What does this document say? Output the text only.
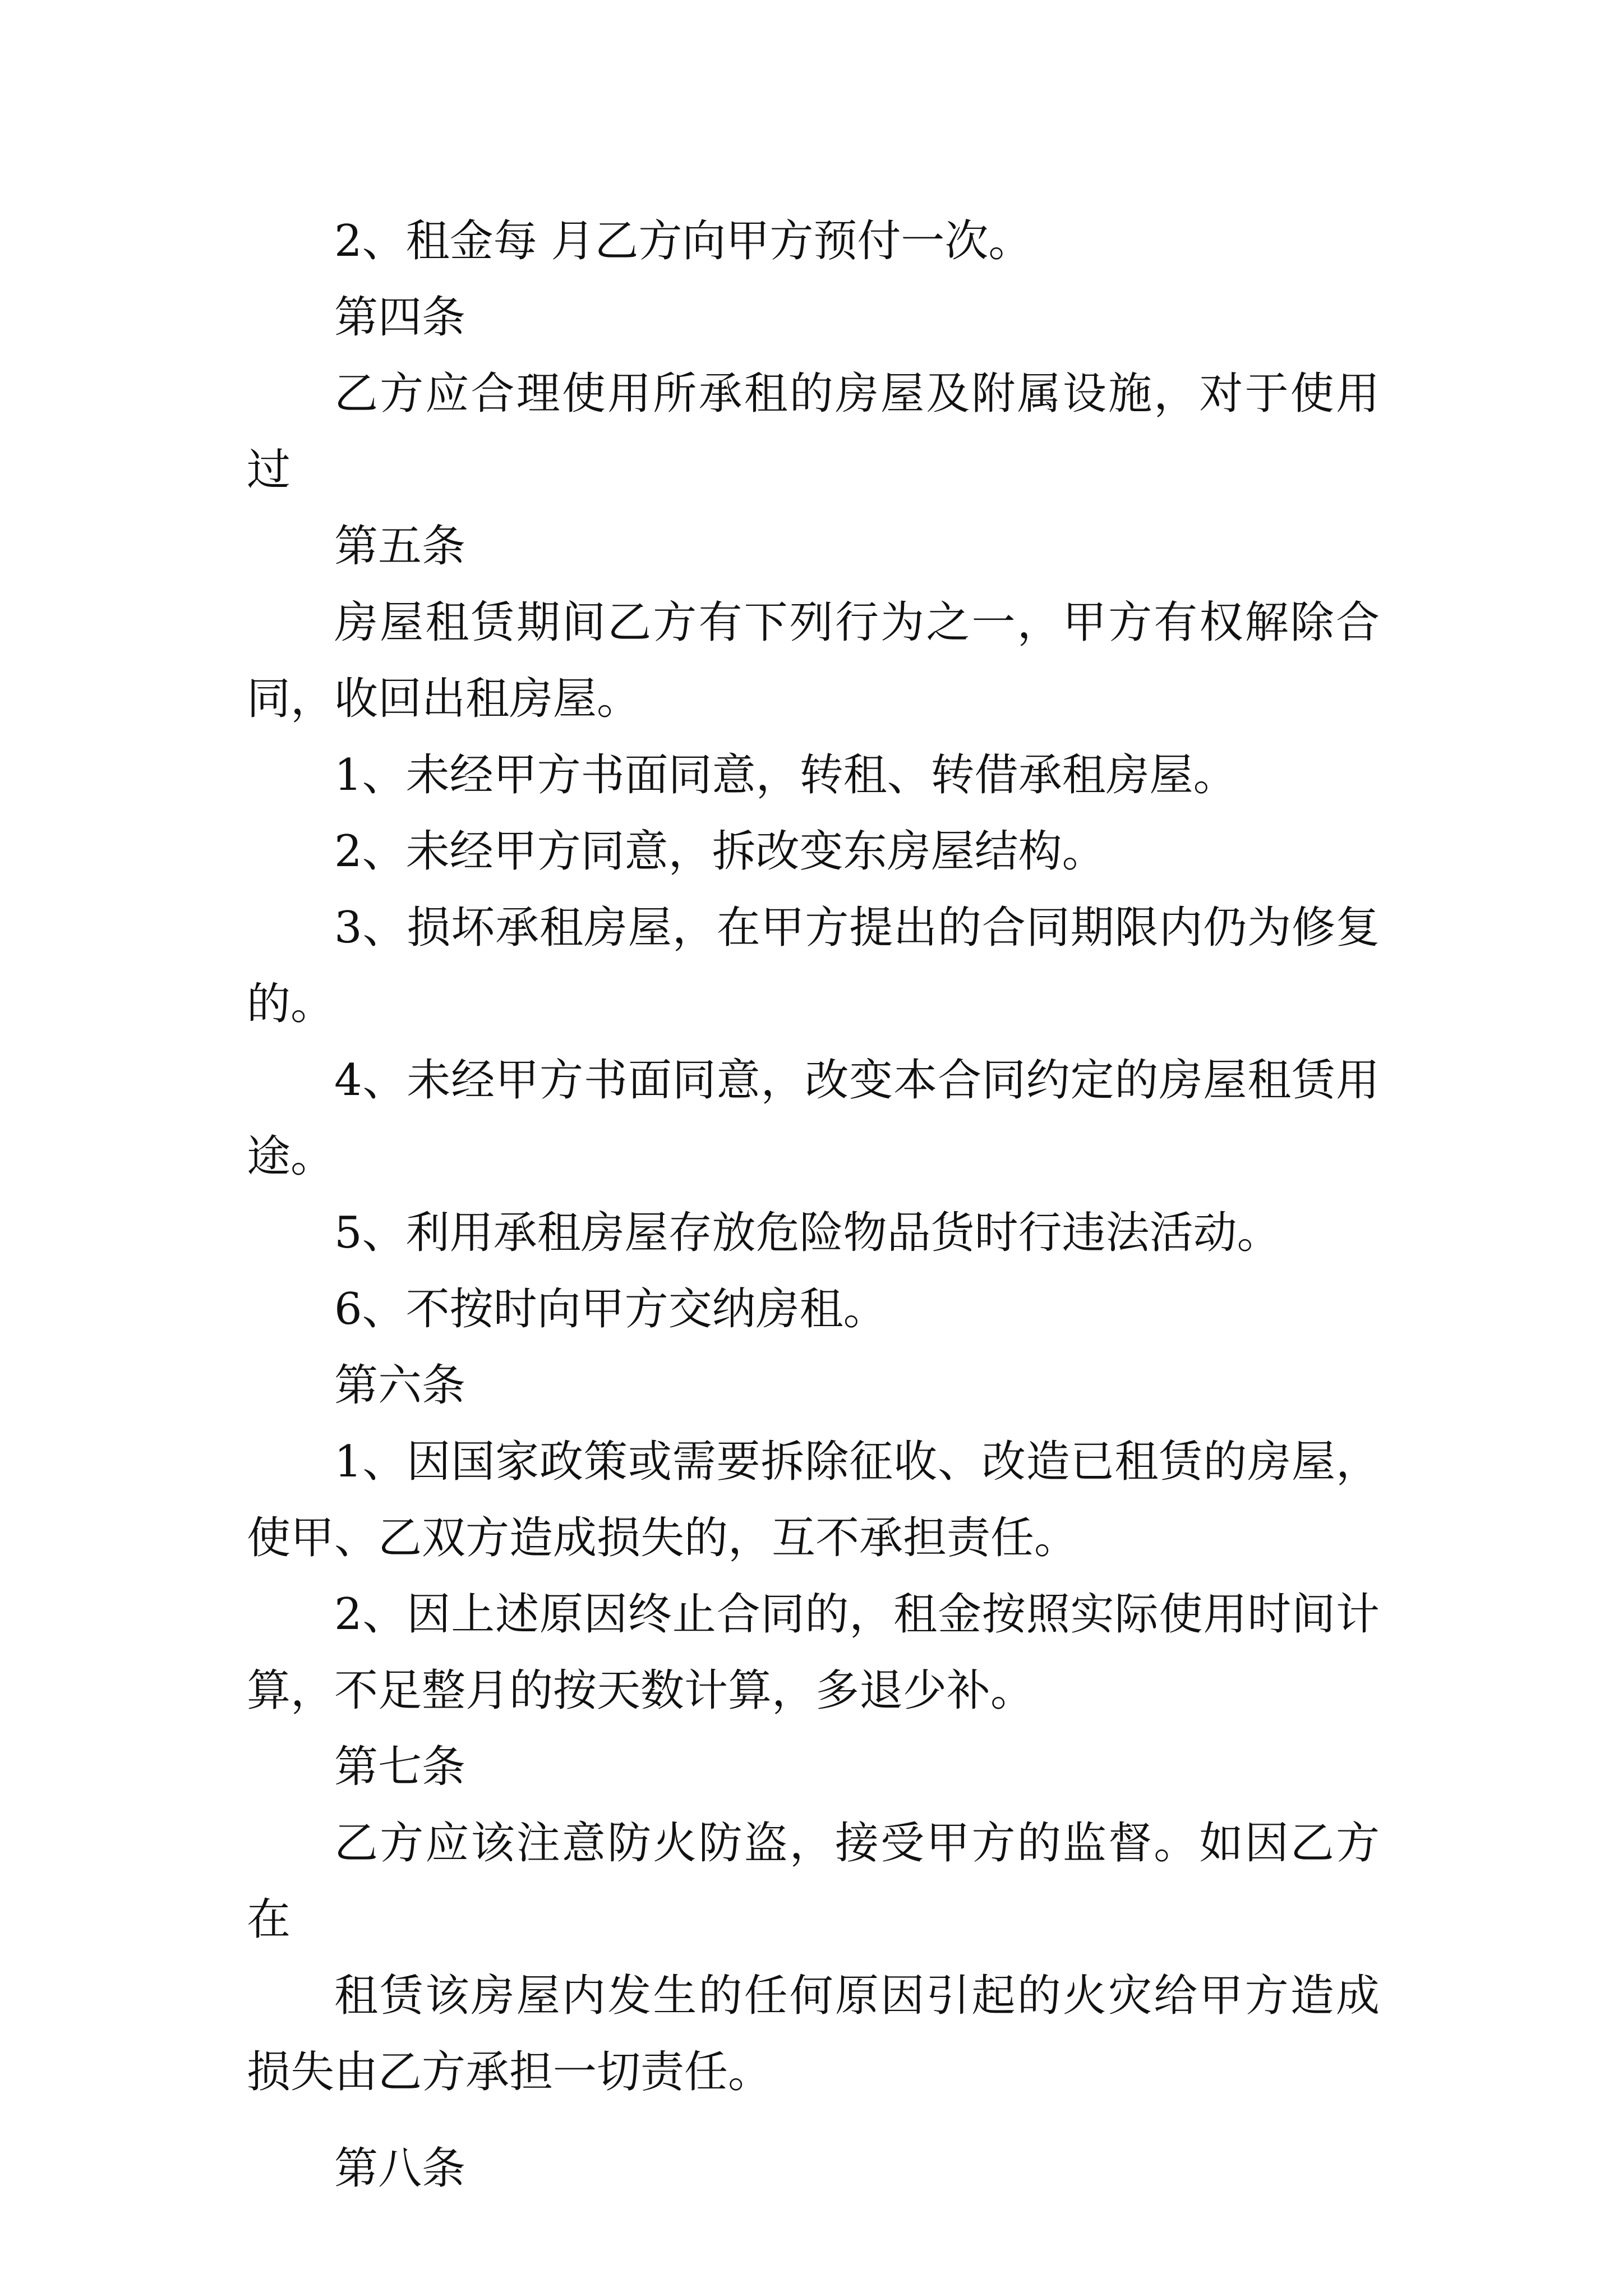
2、租金每 月乙方向甲方预付一次。

第四条

乙方应合理使用所承租的房屋及附属设施，对于使用过

第五条

房屋租赁期间乙方有下列行为之一，甲方有权解除合同，收回出租房屋。

1、未经甲方书面同意，转租、转借承租房屋。

2、未经甲方同意，拆改变东房屋结构。

3、损坏承租房屋，在甲方提出的合同期限内仍为修复的。

4、未经甲方书面同意，改变本合同约定的房屋租赁用途。

5、利用承租房屋存放危险物品货时行违法活动。

6、不按时向甲方交纳房租。

第六条

1、因国家政策或需要拆除征收、改造已租赁的房屋，使甲、乙双方造成损失的，互不承担责任。

2、因上述原因终止合同的，租金按照实际使用时间计算，不足整月的按天数计算，多退少补。

第七条

乙方应该注意防火防盗，接受甲方的监督。如因乙方在

租赁该房屋内发生的任何原因引起的火灾给甲方造成损失由乙方承担一切责任。

第八条
